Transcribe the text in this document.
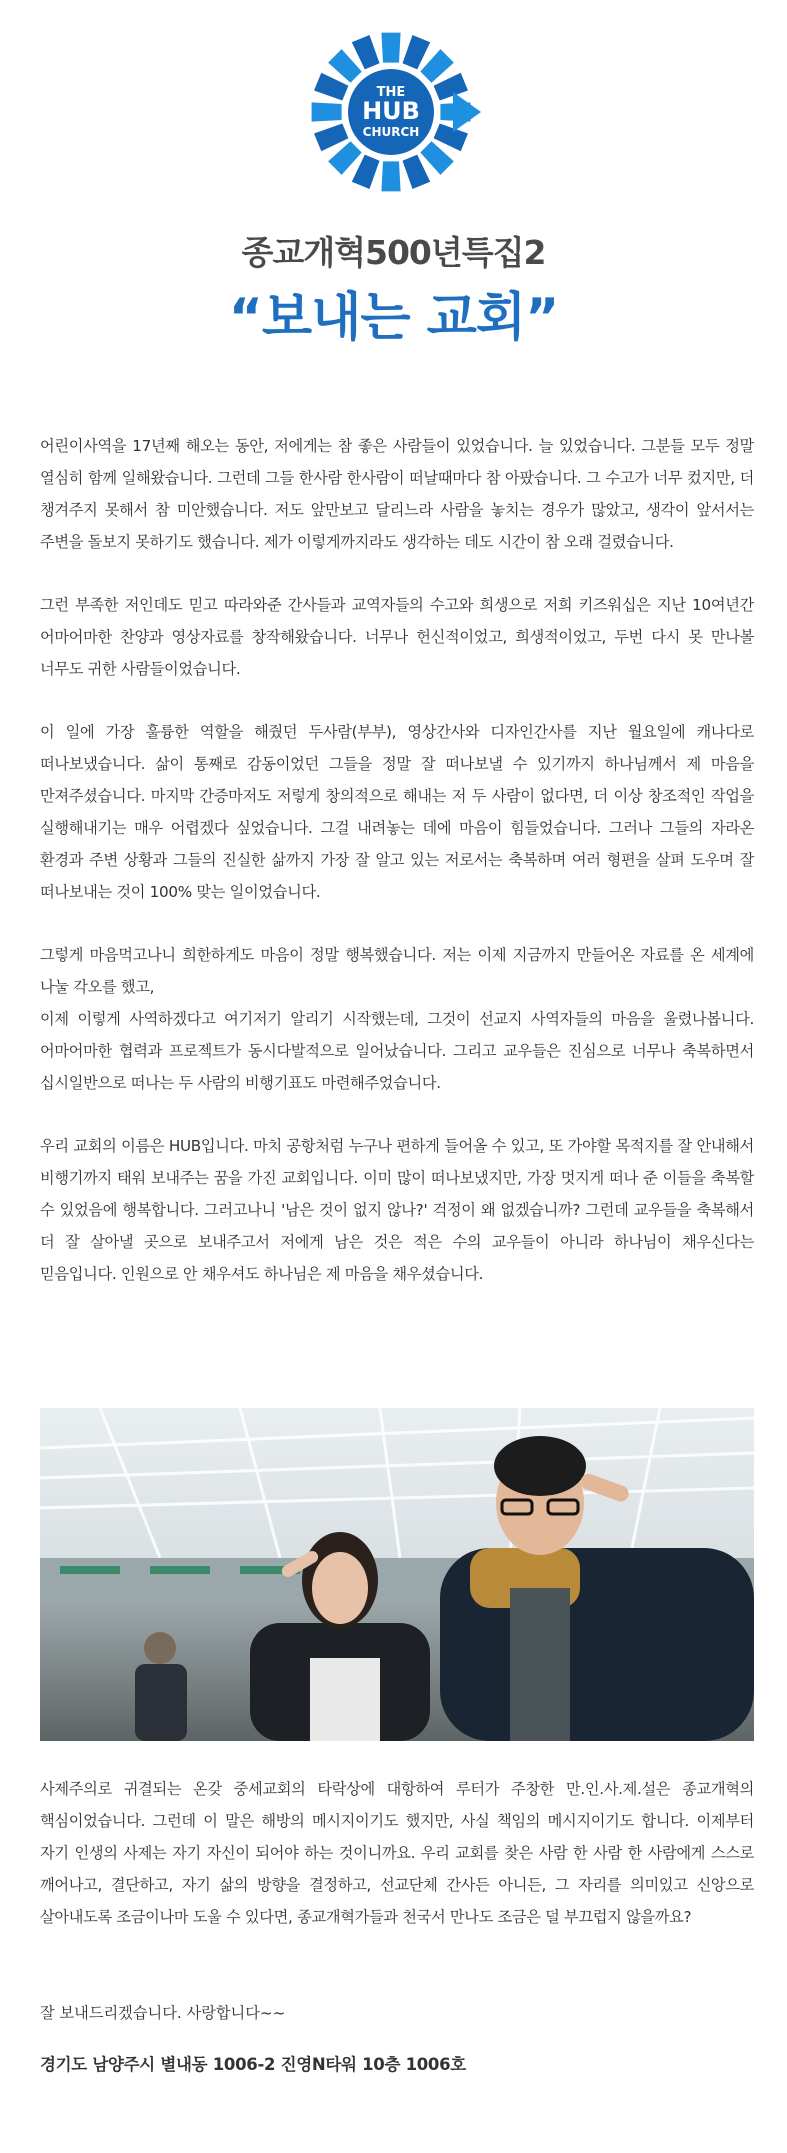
THE
HUB
CHURCH
종교개혁500년특집2
“보내는 교회”

어린이사역을 17년째 해오는 동안, 저에게는 참 좋은 사람들이 있었습니다. 늘 있었습니다. 그분들 모두 정말 열심히 함께 일해왔습니다. 그런데 그들 한사람 한사람이 떠날때마다 참 아팠습니다. 그 수고가 너무 컸지만, 더 챙겨주지 못해서 참 미안했습니다. 저도 앞만보고 달리느라 사람을 놓치는 경우가 많았고, 생각이 앞서서는 주변을 돌보지 못하기도 했습니다. 제가 이렇게까지라도 생각하는 데도 시간이 참 오래 걸렸습니다.

그런 부족한 저인데도 믿고 따라와준 간사들과 교역자들의 수고와 희생으로 저희 키즈워십은 지난 10여년간 어마어마한 찬양과 영상자료를 창작해왔습니다. 너무나 헌신적이었고, 희생적이었고, 두번 다시 못 만나볼 너무도 귀한 사람들이었습니다.

이 일에 가장 훌륭한 역할을 해줬던 두사람(부부), 영상간사와 디자인간사를 지난 월요일에 캐나다로 떠나보냈습니다. 삶이 통째로 감동이었던 그들을 정말 잘 떠나보낼 수 있기까지 하나님께서 제 마음을 만져주셨습니다. 마지막 간증마저도 저렇게 창의적으로 해내는 저 두 사람이 없다면, 더 이상 창조적인 작업을 실행해내기는 매우 어렵겠다 싶었습니다. 그걸 내려놓는 데에 마음이 힘들었습니다. 그러나 그들의 자라온 환경과 주변 상황과 그들의 진실한 삶까지 가장 잘 알고 있는 저로서는 축복하며 여러 형편을 살펴 도우며 잘 떠나보내는 것이 100% 맞는 일이었습니다.

그렇게 마음먹고나니 희한하게도 마음이 정말 행복했습니다. 저는 이제 지금까지 만들어온 자료를 온 세계에 나눌 각오를 했고,
이제 이렇게 사역하겠다고 여기저기 알리기 시작했는데, 그것이 선교지 사역자들의 마음을 울렸나봅니다. 어마어마한 협력과 프로젝트가 동시다발적으로 일어났습니다. 그리고 교우들은 진심으로 너무나 축복하면서 십시일반으로 떠나는 두 사람의 비행기표도 마련해주었습니다.

우리 교회의 이름은 HUB입니다. 마치 공항처럼 누구나 편하게 들어올 수 있고, 또 가야할 목적지를 잘 안내해서 비행기까지 태워 보내주는 꿈을 가진 교회입니다. 이미 많이 떠나보냈지만, 가장 멋지게 떠나 준 이들을 축복할 수 있었음에 행복합니다. 그러고나니 '남은 것이 없지 않나?' 걱정이 왜 없겠습니까? 그런데 교우들을 축복해서 더 잘 살아낼 곳으로 보내주고서 저에게 남은 것은 적은 수의 교우들이 아니라 하나님이 채우신다는 믿음입니다. 인원으로 안 채우셔도 하나님은 제 마음을 채우셨습니다.

사제주의로 귀결되는 온갖 중세교회의 타락상에 대항하여 루터가 주창한 만.인.사.제.설은 종교개혁의 핵심이었습니다. 그런데 이 말은 해방의 메시지이기도 했지만, 사실 책임의 메시지이기도 합니다. 이제부터 자기 인생의 사제는 자기 자신이 되어야 하는 것이니까요. 우리 교회를 찾은 사람 한 사람 한 사람에게 스스로 깨어나고, 결단하고, 자기 삶의 방향을 결정하고, 선교단체 간사든 아니든, 그 자리를 의미있고 신앙으로 살아내도록 조금이나마 도울 수 있다면, 종교개혁가들과 천국서 만나도 조금은 덜 부끄럽지 않을까요?

잘 보내드리겠습니다. 사랑합니다~~
경기도 남양주시 별내동 1006-2 진영N타워 10층 1006호
